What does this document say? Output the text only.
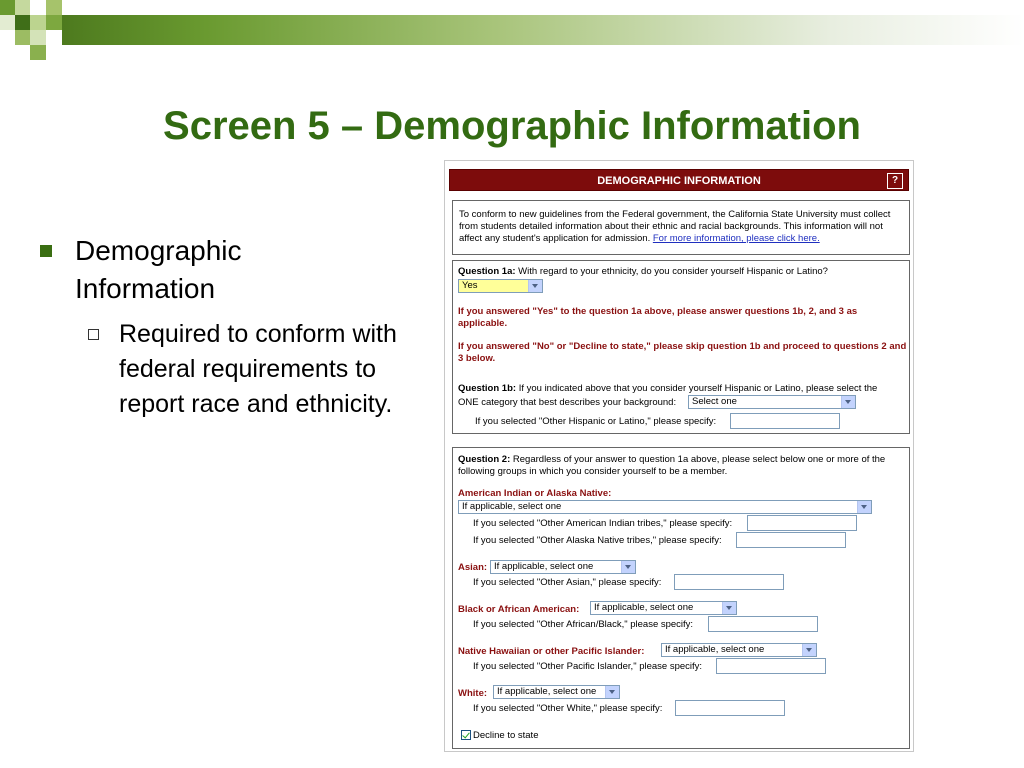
Screen 5 – Demographic Information
Demographic Information
Required to conform with federal requirements to report race and ethnicity.
DEMOGRAPHIC INFORMATION	?
To conform to new guidelines from the Federal government, the California State University must collect from students detailed information about their ethnic and racial backgrounds. This information will not affect any student's application for admission. For more information, please click here.
Question 1a: With regard to your ethnicity, do you consider yourself Hispanic or Latino?
Yes
If you answered "Yes" to the question 1a above, please answer questions 1b, 2, and 3 as applicable.
If you answered "No" or "Decline to state," please skip question 1b and proceed to questions 2 and 3 below.
Question 1b: If you indicated above that you consider yourself Hispanic or Latino, please select the
ONE category that best describes your background:	Select one
If you selected "Other Hispanic or Latino," please specify:
Question 2: Regardless of your answer to question 1a above, please select below one or more of the
following groups in which you consider yourself to be a member.
American Indian or Alaska Native:
If applicable, select one
If you selected "Other American Indian tribes," please specify:
If you selected "Other Alaska Native tribes," please specify:
Asian: If applicable, select one
If you selected "Other Asian," please specify:
Black or African American:	If applicable, select one
If you selected "Other African/Black," please specify:
Native Hawaiian or other Pacific Islander:	If applicable, select one
If you selected "Other Pacific Islander," please specify:
White:	If applicable, select one
If you selected "Other White," please specify:
Decline to state
